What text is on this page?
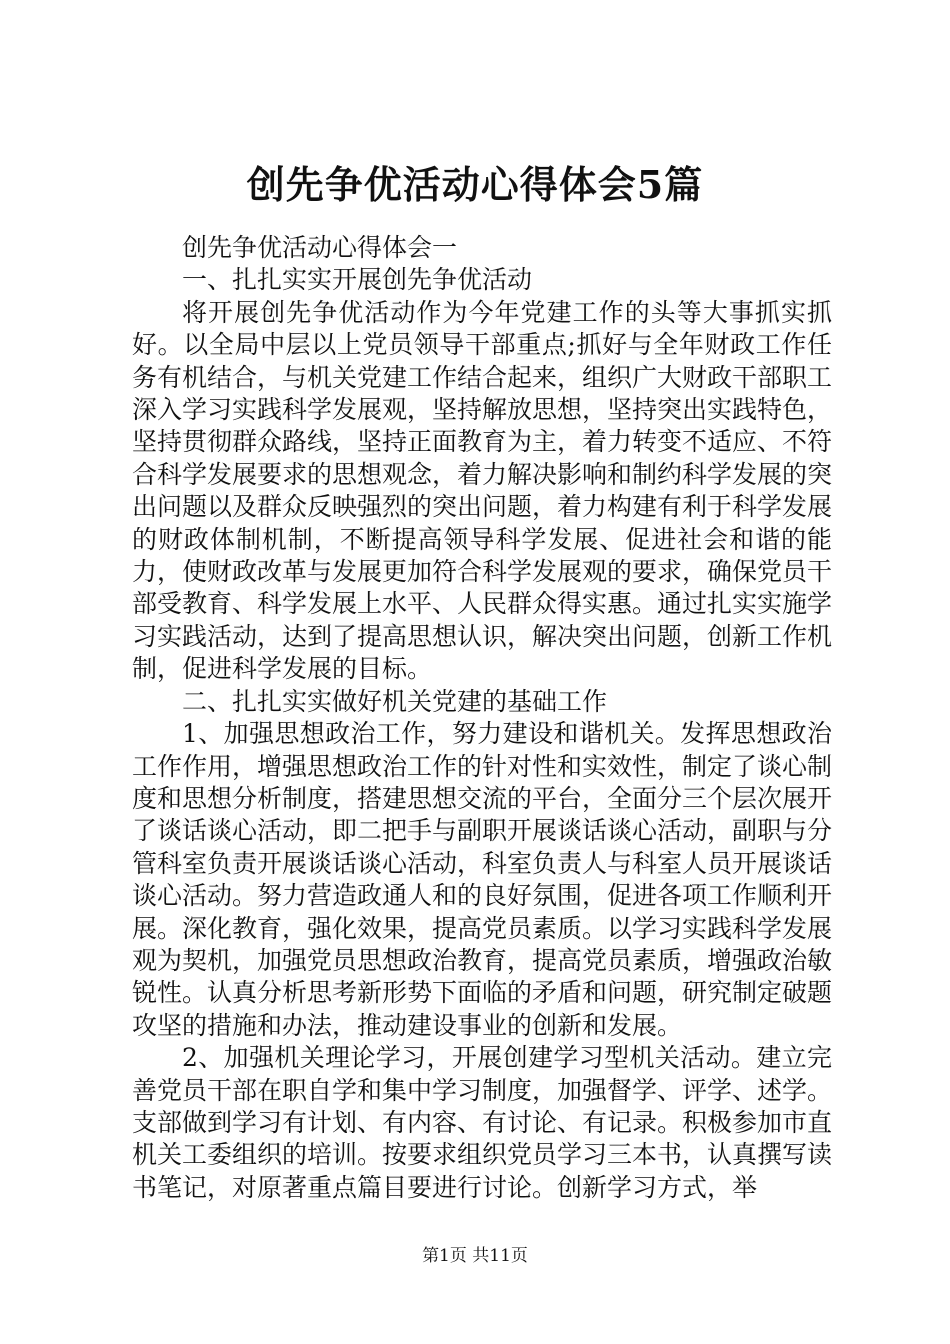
创先争优活动心得体会5篇

创先争优活动心得体会一

一、扎扎实实开展创先争优活动

将开展创先争优活动作为今年党建工作的头等大事抓实抓好。以全局中层以上党员领导干部重点;抓好与全年财政工作任务有机结合，与机关党建工作结合起来，组织广大财政干部职工深入学习实践科学发展观，坚持解放思想，坚持突出实践特色，坚持贯彻群众路线，坚持正面教育为主，着力转变不适应、不符合科学发展要求的思想观念，着力解决影响和制约科学发展的突出问题以及群众反映强烈的突出问题，着力构建有利于科学发展的财政体制机制，不断提高领导科学发展、促进社会和谐的能力，使财政改革与发展更加符合科学发展观的要求，确保党员干部受教育、科学发展上水平、人民群众得实惠。通过扎实实施学习实践活动，达到了提高思想认识，解决突出问题，创新工作机制，促进科学发展的目标。

二、扎扎实实做好机关党建的基础工作

1、加强思想政治工作，努力建设和谐机关。发挥思想政治工作作用，增强思想政治工作的针对性和实效性，制定了谈心制度和思想分析制度，搭建思想交流的平台，全面分三个层次展开了谈话谈心活动，即二把手与副职开展谈话谈心活动，副职与分管科室负责开展谈话谈心活动，科室负责人与科室人员开展谈话谈心活动。努力营造政通人和的良好氛围，促进各项工作顺利开展。深化教育，强化效果，提高党员素质。以学习实践科学发展观为契机，加强党员思想政治教育，提高党员素质，增强政治敏锐性。认真分析思考新形势下面临的矛盾和问题，研究制定破题攻坚的措施和办法，推动建设事业的创新和发展。

2、加强机关理论学习，开展创建学习型机关活动。建立完善党员干部在职自学和集中学习制度，加强督学、评学、述学。支部做到学习有计划、有内容、有讨论、有记录。积极参加市直机关工委组织的培训。按要求组织党员学习三本书，认真撰写读书笔记，对原著重点篇目要进行讨论。创新学习方式，举

第1页 共11页
